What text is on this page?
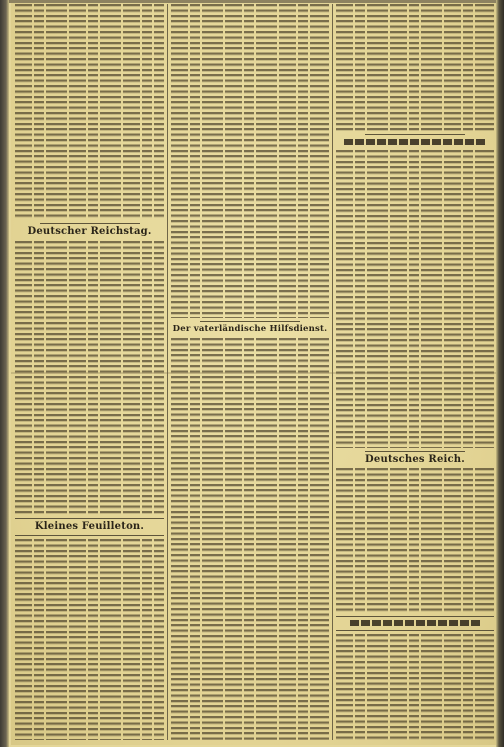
Deutscher Reichstag.
Kleines Feuilleton.
Der vaterländische Hilfsdienst.
Deutsches Reich.
